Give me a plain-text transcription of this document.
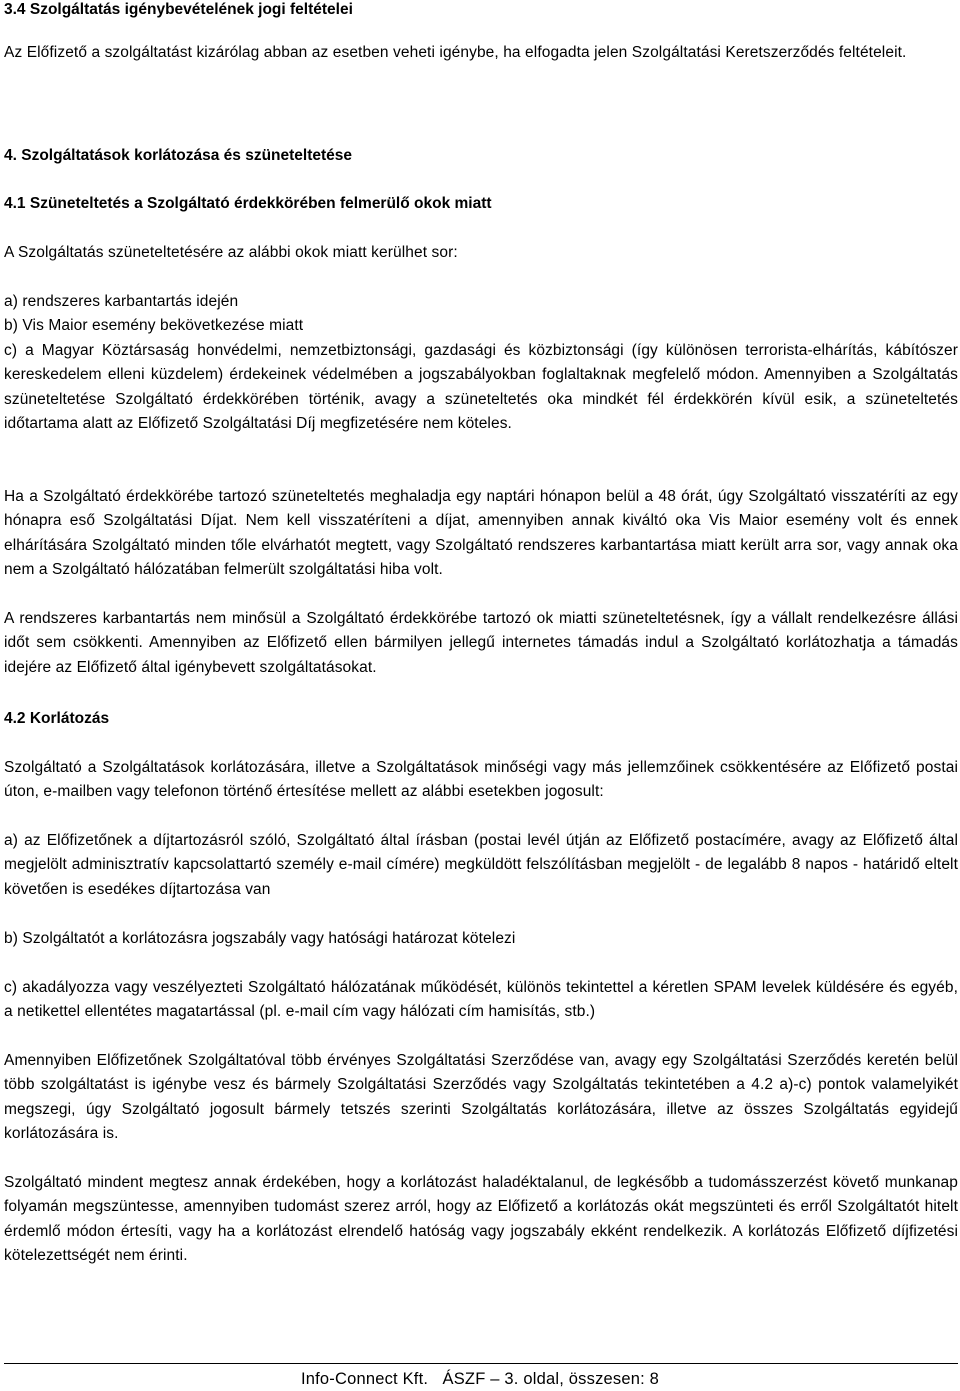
3.4 Szolgáltatás igénybevételének jogi feltételei

Az Előfizető a szolgáltatást kizárólag abban az esetben veheti igénybe, ha elfogadta jelen Szolgáltatási Keretszerződés feltételeit.

4. Szolgáltatások korlátozása és szüneteltetése

4.1 Szüneteltetés a Szolgáltató érdekkörében felmerülő okok miatt

A Szolgáltatás szüneteltetésére az alábbi okok miatt kerülhet sor:

a) rendszeres karbantartás idején

b) Vis Maior esemény bekövetkezése miatt

c) a Magyar Köztársaság honvédelmi, nemzetbiztonsági, gazdasági és közbiztonsági (így különösen terrorista-elhárítás, kábítószer kereskedelem elleni küzdelem) érdekeinek védelmében a jogszabályokban foglaltaknak megfelelő módon. Amennyiben a Szolgáltatás szüneteltetése Szolgáltató érdekkörében történik, avagy a szüneteltetés oka mindkét fél érdekkörén kívül esik, a szüneteltetés időtartama alatt az Előfizető Szolgáltatási Díj megfizetésére nem köteles.

Ha a Szolgáltató érdekkörébe tartozó szüneteltetés meghaladja egy naptári hónapon belül a 48 órát, úgy Szolgáltató visszatéríti az egy hónapra eső Szolgáltatási Díjat. Nem kell visszatéríteni a díjat, amennyiben annak kiváltó oka Vis Maior esemény volt és ennek elhárítására Szolgáltató minden tőle elvárhatót megtett, vagy Szolgáltató rendszeres karbantartása miatt került arra sor, vagy annak oka nem a Szolgáltató hálózatában felmerült szolgáltatási hiba volt.

A rendszeres karbantartás nem minősül a Szolgáltató érdekkörébe tartozó ok miatti szüneteltetésnek, így a vállalt rendelkezésre állási időt sem csökkenti. Amennyiben az Előfizető ellen bármilyen jellegű internetes támadás indul a Szolgáltató korlátozhatja a támadás idejére az Előfizető által igénybevett szolgáltatásokat.

4.2 Korlátozás

Szolgáltató a Szolgáltatások korlátozására, illetve a Szolgáltatások minőségi vagy más jellemzőinek csökkentésére az Előfizető postai úton, e-mailben vagy telefonon történő értesítése mellett az alábbi esetekben jogosult:

a) az Előfizetőnek a díjtartozásról szóló, Szolgáltató által írásban (postai levél útján az Előfizető postacímére, avagy az Előfizető által megjelölt adminisztratív kapcsolattartó személy e-mail címére) megküldött felszólításban megjelölt - de legalább 8 napos - határidő eltelt követően is esedékes díjtartozása van

b) Szolgáltatót a korlátozásra jogszabály vagy hatósági határozat kötelezi

c) akadályozza vagy veszélyezteti Szolgáltató hálózatának működését, különös tekintettel a kéretlen SPAM levelek küldésére és egyéb, a netikettel ellentétes magatartással (pl. e-mail cím vagy hálózati cím hamisítás, stb.)

Amennyiben Előfizetőnek Szolgáltatóval több érvényes Szolgáltatási Szerződése van, avagy egy Szolgáltatási Szerződés keretén belül több szolgáltatást is igénybe vesz és bármely Szolgáltatási Szerződés vagy Szolgáltatás tekintetében a 4.2 a)-c) pontok valamelyikét megszegi, úgy Szolgáltató jogosult bármely tetszés szerinti Szolgáltatás korlátozására, illetve az összes Szolgáltatás egyidejű korlátozására is.

Szolgáltató mindent megtesz annak érdekében, hogy a korlátozást haladéktalanul, de legkésőbb a tudomásszerzést követő munkanap folyamán megszüntesse, amennyiben tudomást szerez arról, hogy az Előfizető a korlátozás okát megszünteti és erről Szolgáltatót hitelt érdemlő módon értesíti, vagy ha a korlátozást elrendelő hatóság vagy jogszabály ekként rendelkezik. A korlátozás Előfizető díjfizetési kötelezettségét nem érinti.

Info-Connect Kft.   ÁSZF – 3. oldal, összesen: 8
